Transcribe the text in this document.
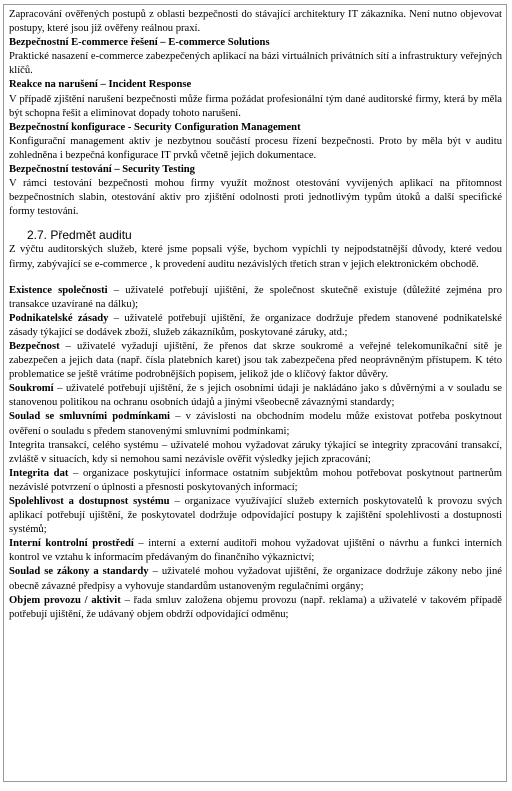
Zapracování ověřených postupů z oblasti bezpečnosti do stávající architektury IT zákazníka. Není nutno objevovat postupy, které jsou již ověřeny reálnou praxí.

Bezpečnostní E-commerce řešení – E-commerce Solutions

Praktické nasazení e-commerce zabezpečených aplikací na bázi virtuálních privátních sítí a infrastruktury veřejných klíčů.

Reakce na narušení – Incident Response

V případě zjištění narušení bezpečnosti může firma požádat profesionální tým dané auditorské firmy, která by měla být schopna řešit a eliminovat dopady tohoto narušení.

Bezpečnostní konfigurace - Security Configuration Management

Konfigurační management aktiv je nezbytnou součástí procesu řízení bezpečnosti. Proto by měla být v auditu zohledněna i bezpečná konfigurace IT prvků včetně jejich dokumentace.

Bezpečnostní testování – Security Testing

V rámci testování bezpečnosti mohou firmy využít možnost otestování vyvíjených aplikací na přítomnost bezpečnostních slabin, otestování aktiv pro zjištění odolnosti proti jednotlivým typům útoků a další specifické formy testování.

2.7. Předmět auditu

Z výčtu auditorských služeb, které jsme popsali výše, bychom vypíchli ty nejpodstatnější důvody, které vedou firmy, zabývající se e-commerce , k provedení auditu nezávislých třetích stran v jejich elektronickém obchodě.

Existence společnosti – uživatelé potřebují ujištění, že společnost skutečně existuje (důležité zejména pro transakce uzavírané na dálku);

Podnikatelské zásady – uživatelé potřebují ujištění, že organizace dodržuje předem stanovené podnikatelské zásady týkající se dodávek zboží, služeb zákazníkům, poskytované záruky, atd.;

Bezpečnost – uživatelé vyžadují ujištění, že přenos dat skrze soukromé a veřejné telekomunikační sítě je zabezpečen a jejich data (např. čísla platebních karet) jsou tak zabezpečena před neoprávněným přístupem. K této problematice se ještě vrátíme podrobnějších popisem, jelikož jde o klíčový faktor důvěry.

Soukromí – uživatelé potřebují ujištění, že s jejich osobními údaji je nakládáno jako s důvěrnými a v souladu se stanovenou politikou na ochranu osobních údajů a jinými všeobecně závaznými standardy;

Soulad se smluvními podmínkami – v závislosti na obchodním modelu může existovat potřeba poskytnout ověření o souladu s předem stanovenými smluvními podmínkami;

Integrita transakcí, celého systému – uživatelé mohou vyžadovat záruky týkající se integrity zpracování transakcí, zvláště v situacích, kdy si nemohou sami nezávisle ověřit výsledky jejich zpracování;

Integrita dat – organizace poskytující informace ostatním subjektům mohou potřebovat poskytnout partnerům nezávislé potvrzení o úplnosti a přesnosti poskytovaných informací;

Spolehlivost a dostupnost systému – organizace využívající služeb externích poskytovatelů k provozu svých aplikací potřebují ujištění, že poskytovatel dodržuje odpovídající postupy k zajištění spolehlivosti a dostupnosti systémů;

Interní kontrolní prostředí – interní a externí auditoři mohou vyžadovat ujištění o návrhu a funkci interních kontrol ve vztahu k informacím předávaným do finančního výkaznictví;

Soulad se zákony a standardy – uživatelé mohou vyžadovat ujištění, že organizace dodržuje zákony nebo jiné obecně závazné předpisy a vyhovuje standardům ustanoveným regulačními orgány;

Objem provozu / aktivit – řada smluv založena objemu provozu (např. reklama) a uživatelé v takovém případě potřebují ujištění, že udávaný objem obdrží odpovídající odměnu;
